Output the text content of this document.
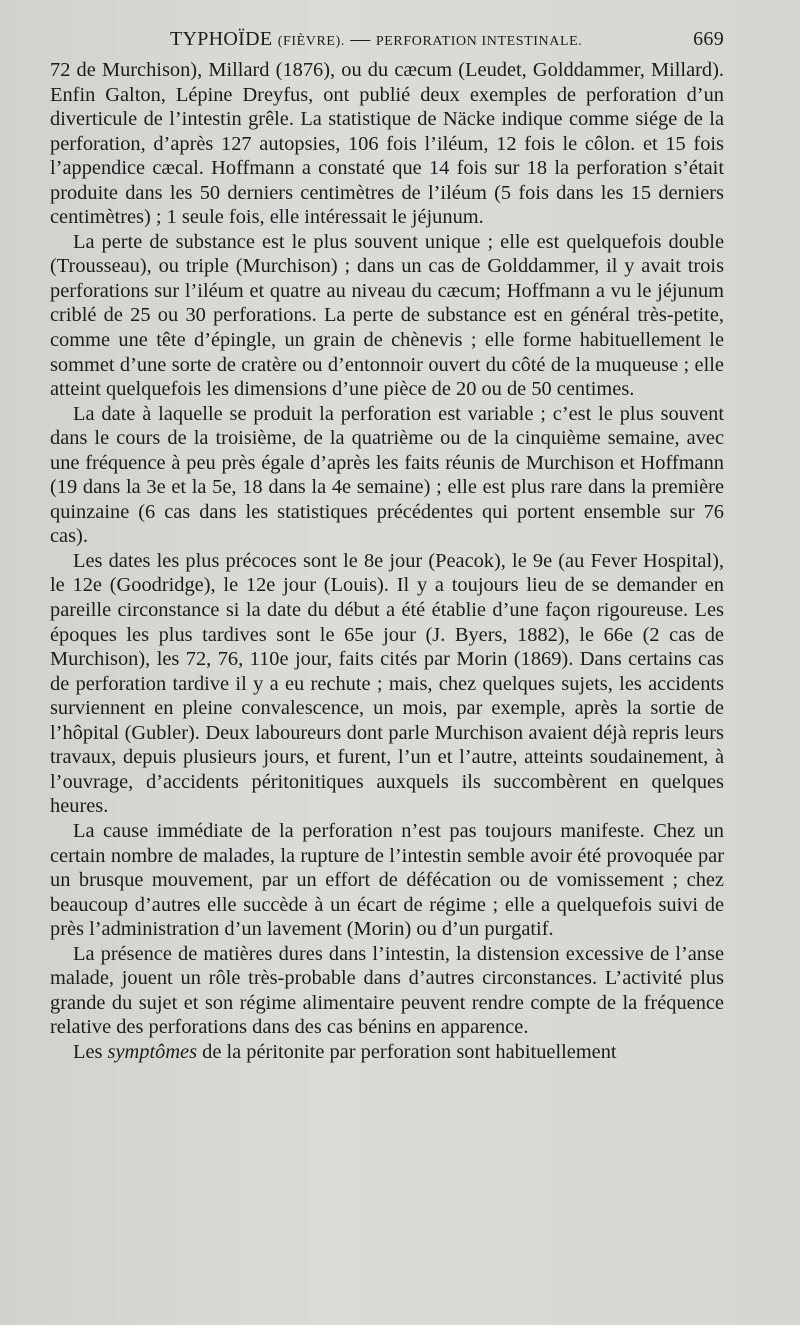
TYPHOÏDE (FIÈVRE). — PERFORATION INTESTINALE.	669

72 de Murchison), Millard (1876), ou du cæcum (Leudet, Golddammer, Millard). Enfin Galton, Lépine Dreyfus, ont publié deux exemples de perforation d’un diverticule de l’intestin grêle. La statistique de Näcke indique comme siége de la perforation, d’après 127 autopsies, 106 fois l’iléum, 12 fois le côlon. et 15 fois l’appendice cæcal. Hoffmann a constaté que 14 fois sur 18 la perforation s’était produite dans les 50 derniers centimètres de l’iléum (5 fois dans les 15 derniers centimètres) ; 1 seule fois, elle intéressait le jéjunum.

La perte de substance est le plus souvent unique ; elle est quelquefois double (Trousseau), ou triple (Murchison) ; dans un cas de Golddammer, il y avait trois perforations sur l’iléum et quatre au niveau du cæcum; Hoffmann a vu le jéjunum criblé de 25 ou 30 perforations. La perte de substance est en général très-petite, comme une tête d’épingle, un grain de chènevis ; elle forme habituellement le sommet d’une sorte de cratère ou d’entonnoir ouvert du côté de la muqueuse ; elle atteint quelquefois les dimensions d’une pièce de 20 ou de 50 centimes.

La date à laquelle se produit la perforation est variable ; c’est le plus souvent dans le cours de la troisième, de la quatrième ou de la cinquième semaine, avec une fréquence à peu près égale d’après les faits réunis de Murchison et Hoffmann (19 dans la 3e et la 5e, 18 dans la 4e semaine) ; elle est plus rare dans la première quinzaine (6 cas dans les statistiques précédentes qui portent ensemble sur 76 cas).

Les dates les plus précoces sont le 8e jour (Peacok), le 9e (au Fever Hospital), le 12e (Goodridge), le 12e jour (Louis). Il y a toujours lieu de se demander en pareille circonstance si la date du début a été établie d’une façon rigoureuse. Les époques les plus tardives sont le 65e jour (J. Byers, 1882), le 66e (2 cas de Murchison), les 72, 76, 110e jour, faits cités par Morin (1869). Dans certains cas de perforation tardive il y a eu rechute ; mais, chez quelques sujets, les accidents surviennent en pleine convalescence, un mois, par exemple, après la sortie de l’hôpital (Gubler). Deux laboureurs dont parle Murchison avaient déjà repris leurs travaux, depuis plusieurs jours, et furent, l’un et l’autre, atteints soudainement, à l’ouvrage, d’accidents péritonitiques auxquels ils succombèrent en quelques heures.

La cause immédiate de la perforation n’est pas toujours manifeste. Chez un certain nombre de malades, la rupture de l’intestin semble avoir été provoquée par un brusque mouvement, par un effort de défécation ou de vomissement ; chez beaucoup d’autres elle succède à un écart de régime ; elle a quelquefois suivi de près l’administration d’un lavement (Morin) ou d’un purgatif.

La présence de matières dures dans l’intestin, la distension excessive de l’anse malade, jouent un rôle très-probable dans d’autres circonstances. L’activité plus grande du sujet et son régime alimentaire peuvent rendre compte de la fréquence relative des perforations dans des cas bénins en apparence.

Les symptômes de la péritonite par perforation sont habituellement
